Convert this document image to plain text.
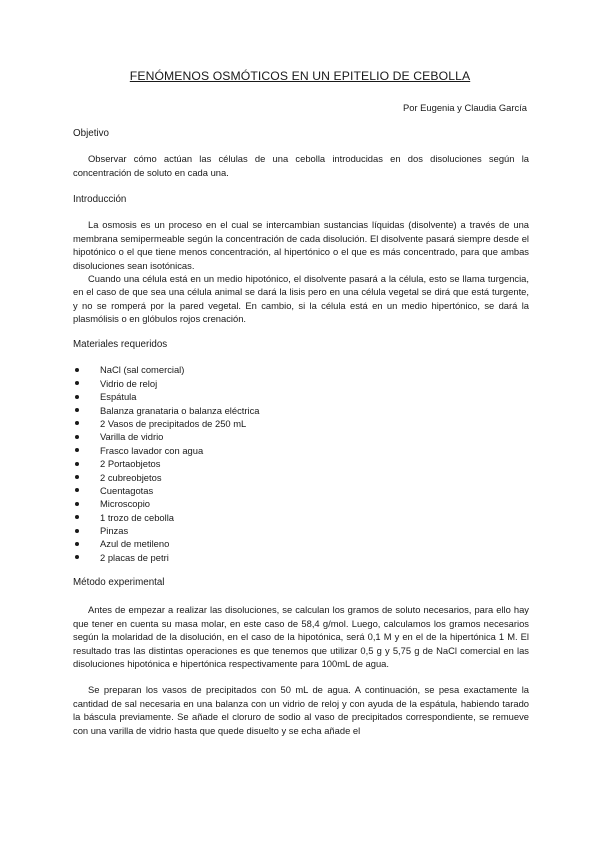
FENÓMENOS OSMÓTICOS EN UN EPITELIO DE CEBOLLA
Por Eugenia y Claudia García
Objetivo

Observar cómo actúan las células de una cebolla introducidas en dos disoluciones según la concentración de soluto en cada una.

Introducción

La osmosis es un proceso en el cual se intercambian sustancias líquidas (disolvente) a través de una membrana semipermeable según la concentración de cada disolución. El disolvente pasará siempre desde el hipotónico o el que tiene menos concentración, al hipertónico o el que es más concentrado, para que ambas disoluciones sean isotónicas.

Cuando una célula está en un medio hipotónico, el disolvente pasará a la célula, esto se llama turgencia, en el caso de que sea una célula animal se dará la lisis pero en una célula vegetal se dirá que está turgente, y no se romperá por la pared vegetal. En cambio, si la célula está en un medio hipertónico, se dará la plasmólisis o en glóbulos rojos crenación.

Materiales requeridos
NaCl (sal comercial)
Vidrio de reloj
Espátula
Balanza granataria o balanza eléctrica
2 Vasos de precipitados de 250 mL
Varilla de vidrio
Frasco lavador con agua
2 Portaobjetos
2 cubreobjetos
Cuentagotas
Microscopio
1 trozo de cebolla
Pinzas
Azul de metileno
2 placas de petri
Método experimental

Antes de empezar a realizar las disoluciones, se calculan los gramos de soluto necesarios, para ello hay que tener en cuenta su masa molar, en este caso de 58,4 g/mol. Luego, calculamos los gramos necesarios según la molaridad de la disolución, en el caso de la hipotónica, será 0,1 M y en el de la hipertónica 1 M. El resultado tras las distintas operaciones es que tenemos que utilizar 0,5 g y 5,75 g de NaCl comercial en las disoluciones hipotónica e hipertónica respectivamente para 100mL de agua.

Se preparan los vasos de precipitados con 50 mL de agua. A continuación, se pesa exactamente la cantidad de sal necesaria en una balanza con un vidrio de reloj y con ayuda de la espátula, habiendo tarado la báscula previamente. Se añade el cloruro de sodio al vaso de precipitados correspondiente, se remueve con una varilla de vidrio hasta que quede disuelto y se echa añade el
